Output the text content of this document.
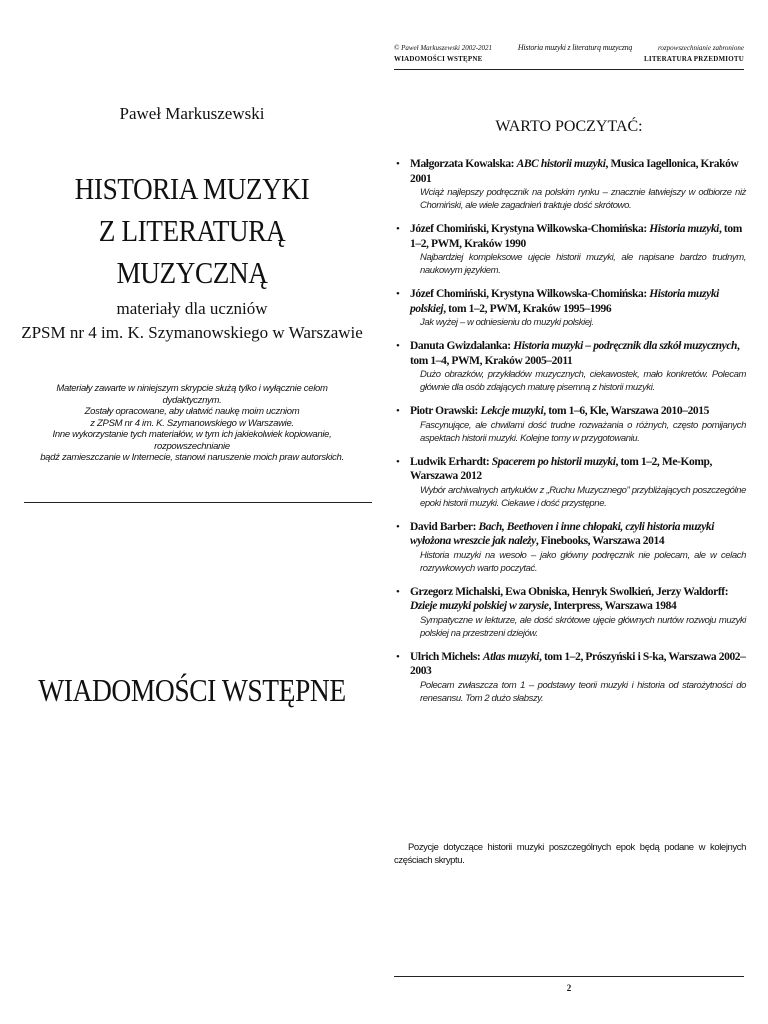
Paweł Markuszewski
HISTORIA MUZYKI
Z LITERATURĄ MUZYCZNĄ
materiały dla uczniów
ZPSM nr 4 im. K. Szymanowskiego w Warszawie
Materiały zawarte w niniejszym skrypcie służą tylko i wyłącznie celom dydaktycznym.
Zostały opracowane, aby ułatwić naukę moim uczniom
z ZPSM nr 4 im. K. Szymanowskiego w Warszawie.
Inne wykorzystanie tych materiałów, w tym ich jakiekolwiek kopiowanie, rozpowszechnianie
bądź zamieszczanie w Internecie, stanowi naruszenie moich praw autorskich.
WIADOMOŚCI WSTĘPNE
© Paweł Markuszewski 2002-2021	Historia muzyki z literaturą muzyczną	rozpowszechnianie zabronione
WIADOMOŚCI WSTĘPNE	LITERATURA PRZEDMIOTU
WARTO POCZYTAĆ:
• Małgorzata Kowalska: ABC historii muzyki, Musica Iagellonica, Kraków 2001
Wciąż najlepszy podręcznik na polskim rynku – znacznie łatwiejszy w odbiorze niż Chomiński, ale wiele zagadnień traktuje dość skrótowo.
• Józef Chomiński, Krystyna Wilkowska-Chomińska: Historia muzyki, tom 1–2, PWM, Kraków 1990
Najbardziej kompleksowe ujęcie historii muzyki, ale napisane bardzo trudnym, naukowym językiem.
• Józef Chomiński, Krystyna Wilkowska-Chomińska: Historia muzyki polskiej, tom 1–2, PWM, Kraków 1995–1996
Jak wyżej – w odniesieniu do muzyki polskiej.
• Danuta Gwizdalanka: Historia muzyki – podręcznik dla szkół muzycznych, tom 1–4, PWM, Kraków 2005–2011
Dużo obrazków, przykładów muzycznych, ciekawostek, mało konkretów. Polecam głównie dla osób zdających maturę pisemną z historii muzyki.
• Piotr Orawski: Lekcje muzyki, tom 1–6, Kle, Warszawa 2010–2015
Fascynujące, ale chwilami dość trudne rozważania o różnych, często pomijanych aspektach historii muzyki. Kolejne tomy w przygotowaniu.
• Ludwik Erhardt: Spacerem po historii muzyki, tom 1–2, Me-Komp, Warszawa 2012
Wybór archiwalnych artykułów z „Ruchu Muzycznego” przybliżających poszczególne epoki historii muzyki. Ciekawe i dość przystępne.
• David Barber: Bach, Beethoven i inne chłopaki, czyli historia muzyki wyłożona wreszcie jak należy, Finebooks, Warszawa 2014
Historia muzyki na wesoło – jako główny podręcznik nie polecam, ale w celach rozrywkowych warto poczytać.
• Grzegorz Michalski, Ewa Obniska, Henryk Swolkień, Jerzy Waldorff: Dzieje muzyki polskiej w zarysie, Interpress, Warszawa 1984
Sympatyczne w lekturze, ale dość skrótowe ujęcie głównych nurtów rozwoju muzyki polskiej na przestrzeni dziejów.
• Ulrich Michels: Atlas muzyki, tom 1–2, Prószyński i S-ka, Warszawa 2002–2003
Polecam zwłaszcza tom 1 – podstawy teorii muzyki i historia od starożytności do renesansu. Tom 2 dużo słabszy.
Pozycje dotyczące historii muzyki poszczególnych epok będą podane w kolejnych częściach skryptu.
2
